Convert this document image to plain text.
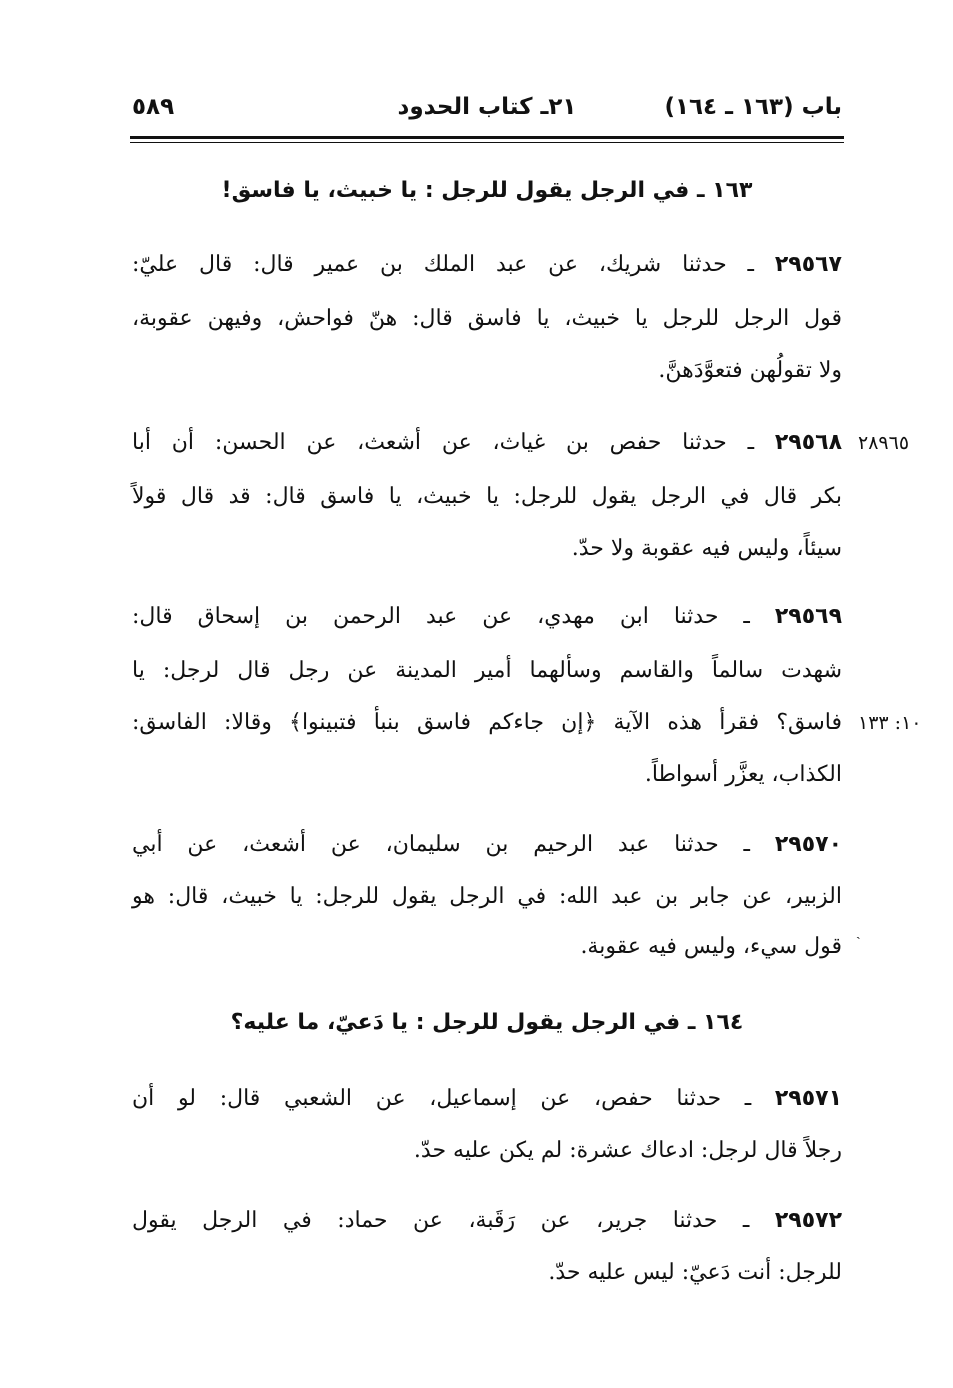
باب (١٦٣ ـ ١٦٤)
٢١ـ كتاب الحدود
٥٨٩
١٦٣ ـ في الرجل يقول للرجل : يا خبيث، يا فاسق!
٢٩٥٦٧ ـ حدثنا شريك، عن عبد الملك بن عمير قال: قال عليّ:
قول الرجل للرجل يا خبيث، يا فاسق قال: هنّ فواحش، وفيهن عقوبة،
ولا تقولُهن فتعوَّدَهنَّ.
٢٨٩٦٥
٢٩٥٦٨ ـ حدثنا حفص بن غياث، عن أشعث، عن الحسن: أن أبا
بكر قال في الرجل يقول للرجل: يا خبيث، يا فاسق قال: قد قال قولاً
سيئاً، وليس فيه عقوبة ولا حدّ.
٢٩٥٦٩ ـ حدثنا ابن مهدي، عن عبد الرحمن بن إسحاق قال:
شهدت سالماً والقاسم وسألهما أمير المدينة عن رجل قال لرجل: يا
١٠: ١٣٣
فاسق؟ فقرأ هذه الآية ﴿إن جاءكم فاسق بنبأ فتبينوا﴾ وقالا: الفاسق:
الكذاب، يعزَّر أسواطاً.
٢٩٥٧٠ ـ حدثنا عبد الرحيم بن سليمان، عن أشعث، عن أبي
الزبير، عن جابر بن عبد الله: في الرجل يقول للرجل: يا خبيث، قال: هو
قول سيء، وليس فيه عقوبة.
ˎ
١٦٤ ـ في الرجل يقول للرجل : يا دَعيّ، ما عليه؟
٢٩٥٧١ ـ حدثنا حفص، عن إسماعيل، عن الشعبي قال: لو أن
رجلاً قال لرجل: ادعاك عشرة: لم يكن عليه حدّ.
٢٩٥٧٢ ـ حدثنا جرير، عن رَقَبة، عن حماد: في الرجل يقول
للرجل: أنت دَعيّ: ليس عليه حدّ.
